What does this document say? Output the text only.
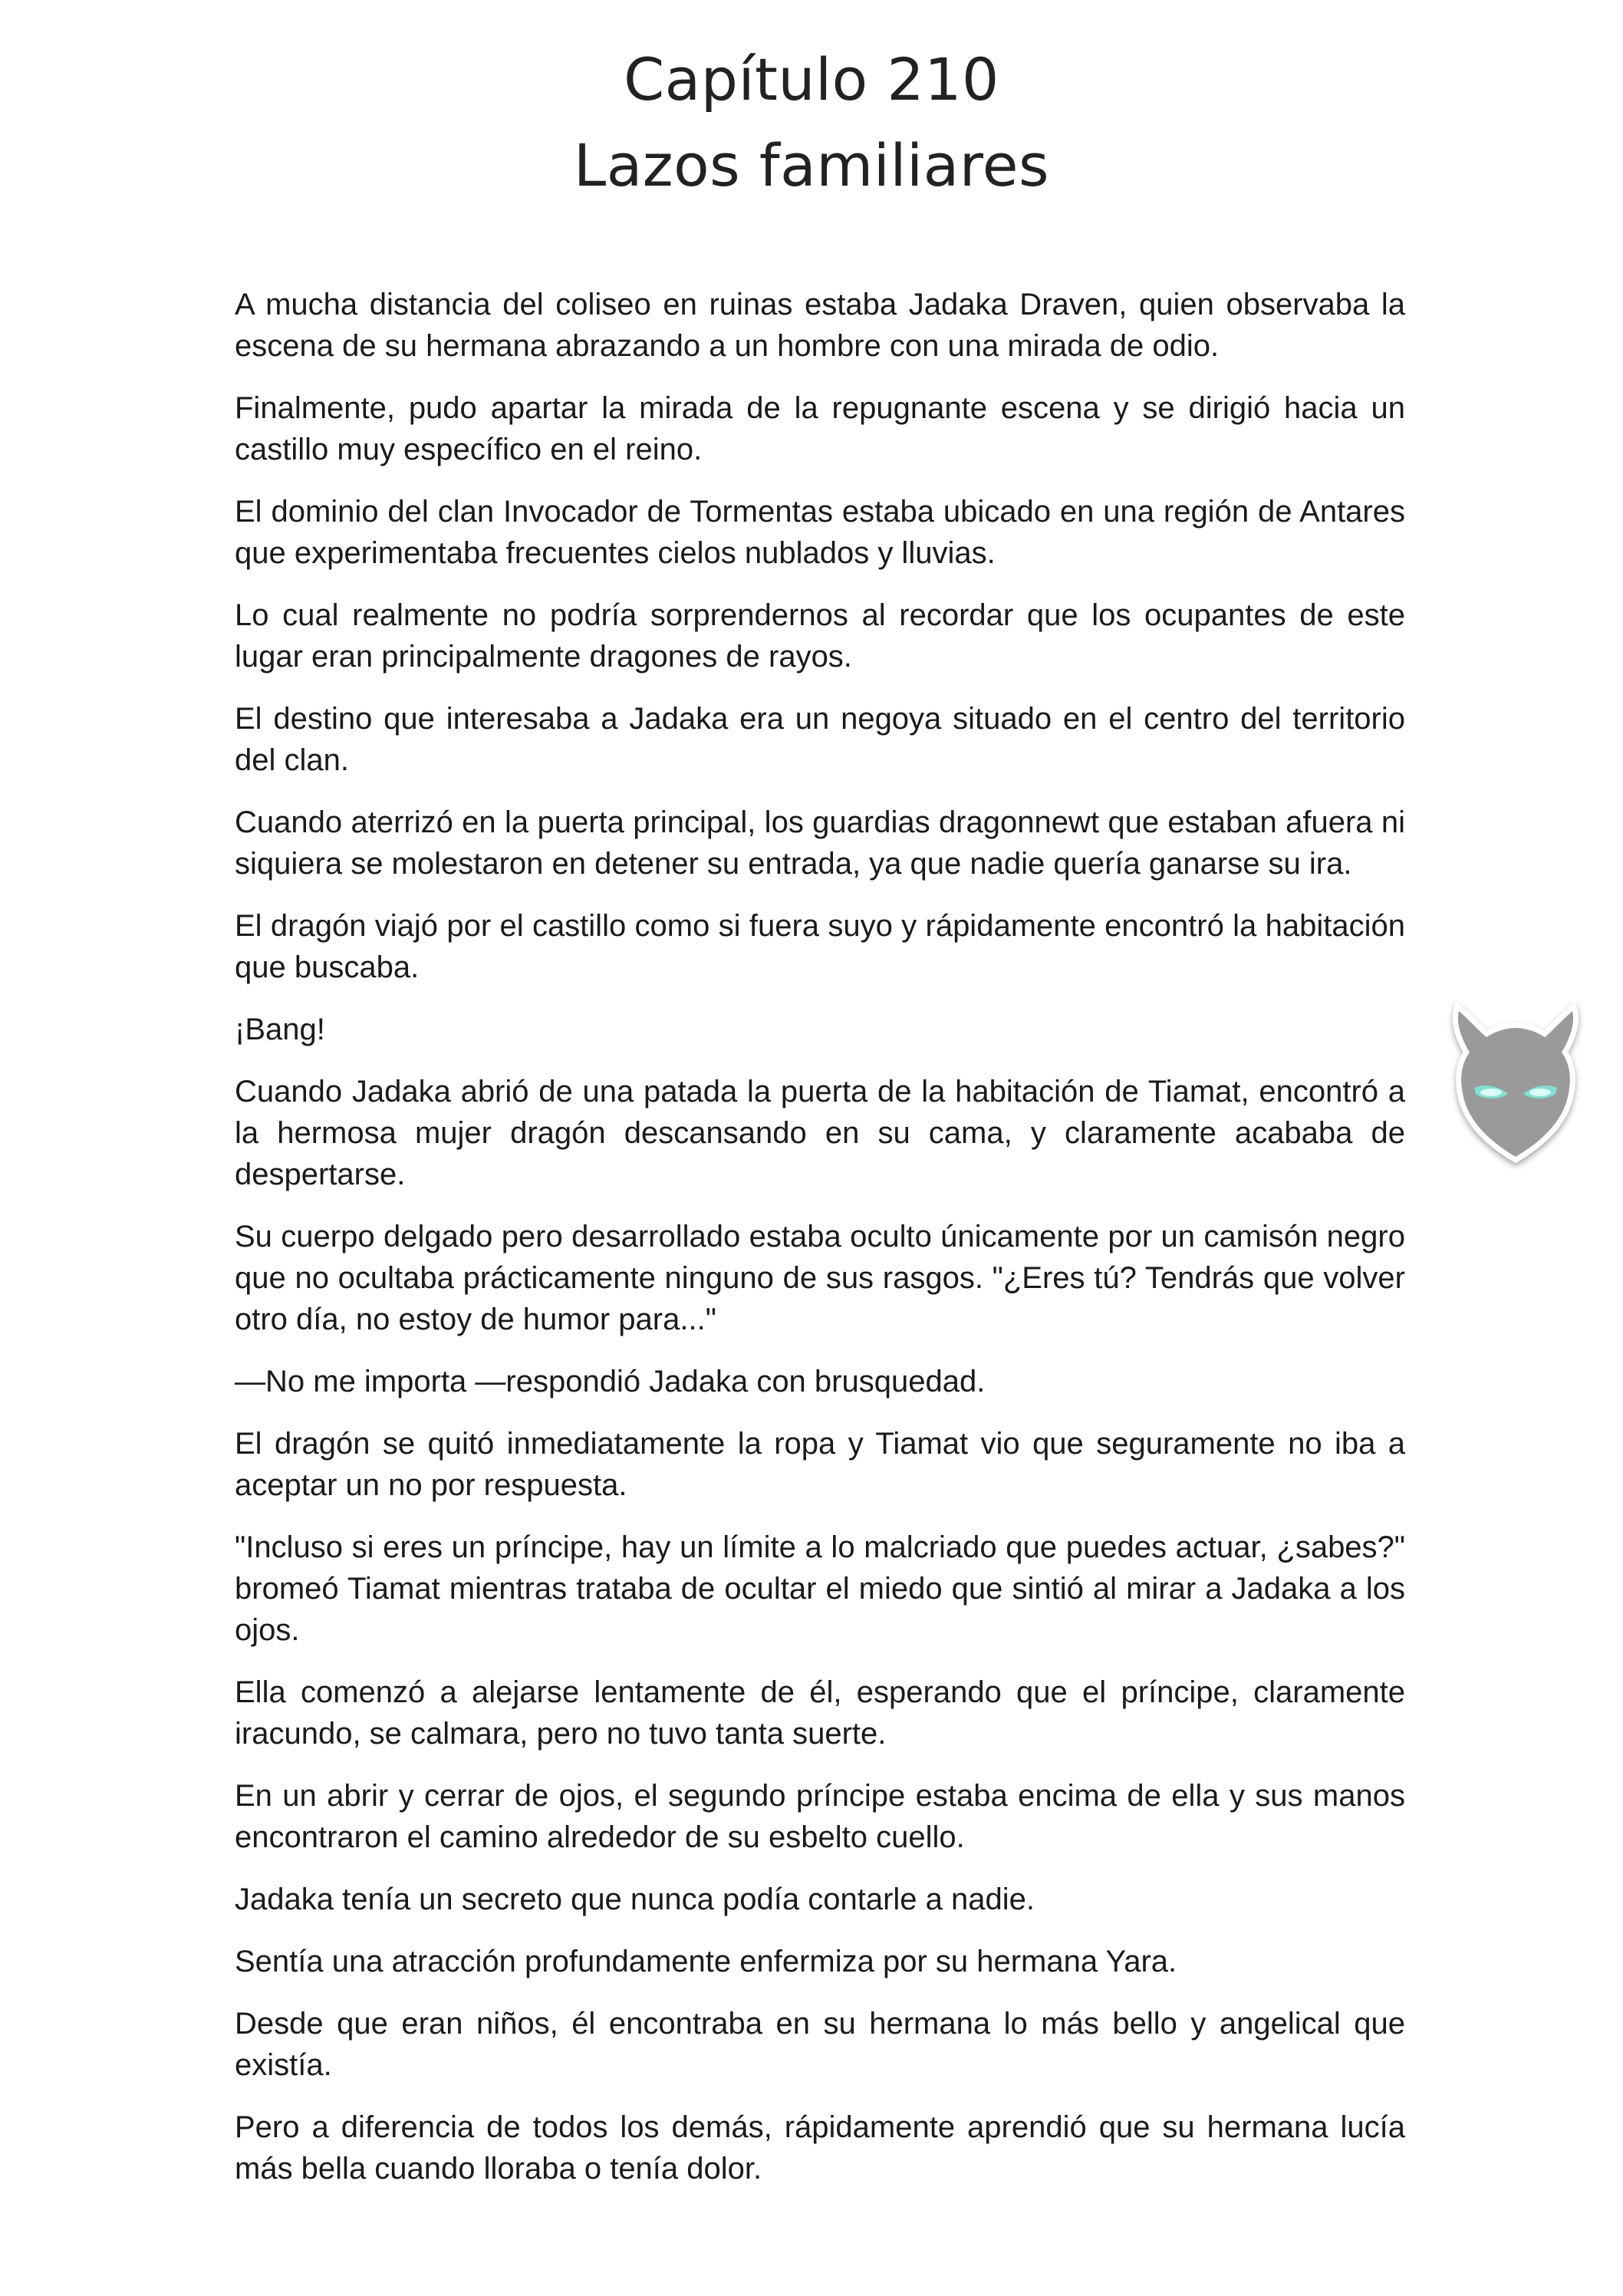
Capítulo 210

Lazos familiares

A mucha distancia del coliseo en ruinas estaba Jadaka Draven, quien observaba la escena de su hermana abrazando a un hombre con una mirada de odio.

Finalmente, pudo apartar la mirada de la repugnante escena y se dirigió hacia un castillo muy específico en el reino.

El dominio del clan Invocador de Tormentas estaba ubicado en una región de Antares que experimentaba frecuentes cielos nublados y lluvias.

Lo cual realmente no podría sorprendernos al recordar que los ocupantes de este lugar eran principalmente dragones de rayos.

El destino que interesaba a Jadaka era un negoya situado en el centro del territorio del clan.

Cuando aterrizó en la puerta principal, los guardias dragonnewt que estaban afuera ni siquiera se molestaron en detener su entrada, ya que nadie quería ganarse su ira.

El dragón viajó por el castillo como si fuera suyo y rápidamente encontró la habitación que buscaba.

¡Bang!

Cuando Jadaka abrió de una patada la puerta de la habitación de Tiamat, encontró a la hermosa mujer dragón descansando en su cama, y claramente acababa de despertarse.

Su cuerpo delgado pero desarrollado estaba oculto únicamente por un camisón negro que no ocultaba prácticamente ninguno de sus rasgos. "¿Eres tú? Tendrás que volver otro día, no estoy de humor para..."

—No me importa —respondió Jadaka con brusquedad.

El dragón se quitó inmediatamente la ropa y Tiamat vio que seguramente no iba a aceptar un no por respuesta.

"Incluso si eres un príncipe, hay un límite a lo malcriado que puedes actuar, ¿sabes?" bromeó Tiamat mientras trataba de ocultar el miedo que sintió al mirar a Jadaka a los ojos.

Ella comenzó a alejarse lentamente de él, esperando que el príncipe, claramente iracundo, se calmara, pero no tuvo tanta suerte.

En un abrir y cerrar de ojos, el segundo príncipe estaba encima de ella y sus manos encontraron el camino alrededor de su esbelto cuello.

Jadaka tenía un secreto que nunca podía contarle a nadie.

Sentía una atracción profundamente enfermiza por su hermana Yara.

Desde que eran niños, él encontraba en su hermana lo más bello y angelical que existía.

Pero a diferencia de todos los demás, rápidamente aprendió que su hermana lucía más bella cuando lloraba o tenía dolor.
